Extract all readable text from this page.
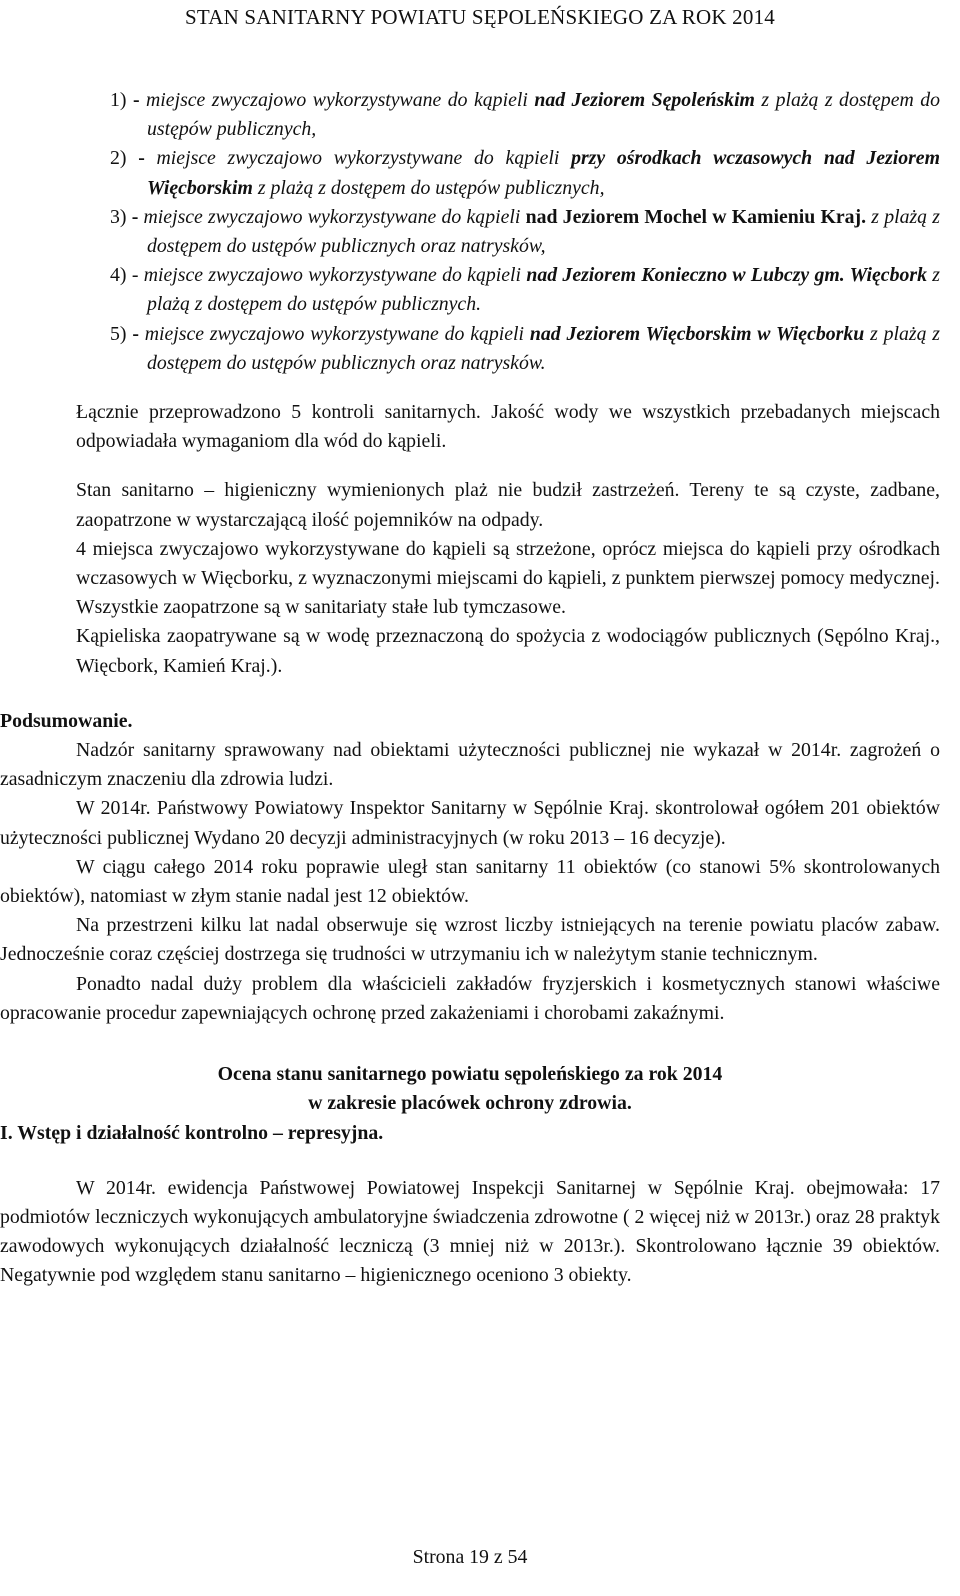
STAN SANITARNY POWIATU SĘPOLEŃSKIEGO ZA ROK 2014
1) - miejsce zwyczajowo wykorzystywane do kąpieli nad Jeziorem Sępoleńskim z plażą z dostępem do ustępów publicznych,
2) - miejsce zwyczajowo wykorzystywane do kąpieli przy ośrodkach wczasowych nad Jeziorem Więcborskim z plażą z dostępem do ustępów publicznych,
3) - miejsce zwyczajowo wykorzystywane do kąpieli nad Jeziorem Mochel w Kamieniu Kraj. z plażą z dostępem do ustępów publicznych oraz natrysków,
4) - miejsce zwyczajowo wykorzystywane do kąpieli nad Jeziorem Konieczno w Lubczy gm. Więcbork z plażą z dostępem do ustępów publicznych.
5) - miejsce zwyczajowo wykorzystywane do kąpieli nad Jeziorem Więcborskim w Więcborku z plażą z dostępem do ustępów publicznych oraz natrysków.

Łącznie przeprowadzono 5 kontroli sanitarnych. Jakość wody we wszystkich przebadanych miejscach odpowiadała wymaganiom dla wód do kąpieli.

Stan sanitarno – higieniczny wymienionych plaż nie budził zastrzeżeń. Tereny te są czyste, zadbane, zaopatrzone w wystarczającą ilość pojemników na odpady.

4 miejsca zwyczajowo wykorzystywane do kąpieli są strzeżone, oprócz miejsca do kąpieli przy ośrodkach wczasowych w Więcborku, z wyznaczonymi miejscami do kąpieli, z punktem pierwszej pomocy medycznej. Wszystkie zaopatrzone są w sanitariaty stałe lub tymczasowe.

Kąpieliska zaopatrywane są w wodę przeznaczoną do spożycia z wodociągów publicznych (Sępólno Kraj., Więcbork, Kamień Kraj.).

Podsumowanie.

Nadzór sanitarny sprawowany nad obiektami użyteczności publicznej nie wykazał w 2014r. zagrożeń o zasadniczym znaczeniu dla zdrowia ludzi.

W 2014r. Państwowy Powiatowy Inspektor Sanitarny w Sępólnie Kraj. skontrolował ogółem 201 obiektów użyteczności publicznej Wydano 20 decyzji administracyjnych (w roku 2013 – 16 decyzje).

W ciągu całego 2014 roku poprawie uległ stan sanitarny 11 obiektów (co stanowi 5% skontrolowanych obiektów), natomiast w złym stanie nadal jest 12 obiektów.

Na przestrzeni kilku lat nadal obserwuje się wzrost liczby istniejących na terenie powiatu placów zabaw. Jednocześnie coraz częściej dostrzega się trudności w utrzymaniu ich w należytym stanie technicznym.

Ponadto nadal duży problem dla właścicieli zakładów fryzjerskich i kosmetycznych stanowi właściwe opracowanie procedur zapewniających ochronę przed zakażeniami i chorobami zakaźnymi.

Ocena stanu sanitarnego powiatu sępoleńskiego za rok 2014

w zakresie placówek ochrony zdrowia.

I. Wstęp i działalność kontrolno – represyjna.

W 2014r. ewidencja Państwowej Powiatowej Inspekcji Sanitarnej w Sępólnie Kraj. obejmowała: 17 podmiotów leczniczych wykonujących ambulatoryjne świadczenia zdrowotne ( 2 więcej niż w 2013r.) oraz 28 praktyk zawodowych wykonujących działalność leczniczą (3 mniej niż w 2013r.). Skontrolowano łącznie 39 obiektów. Negatywnie pod względem stanu sanitarno – higienicznego oceniono 3 obiekty.

Strona 19 z 54
